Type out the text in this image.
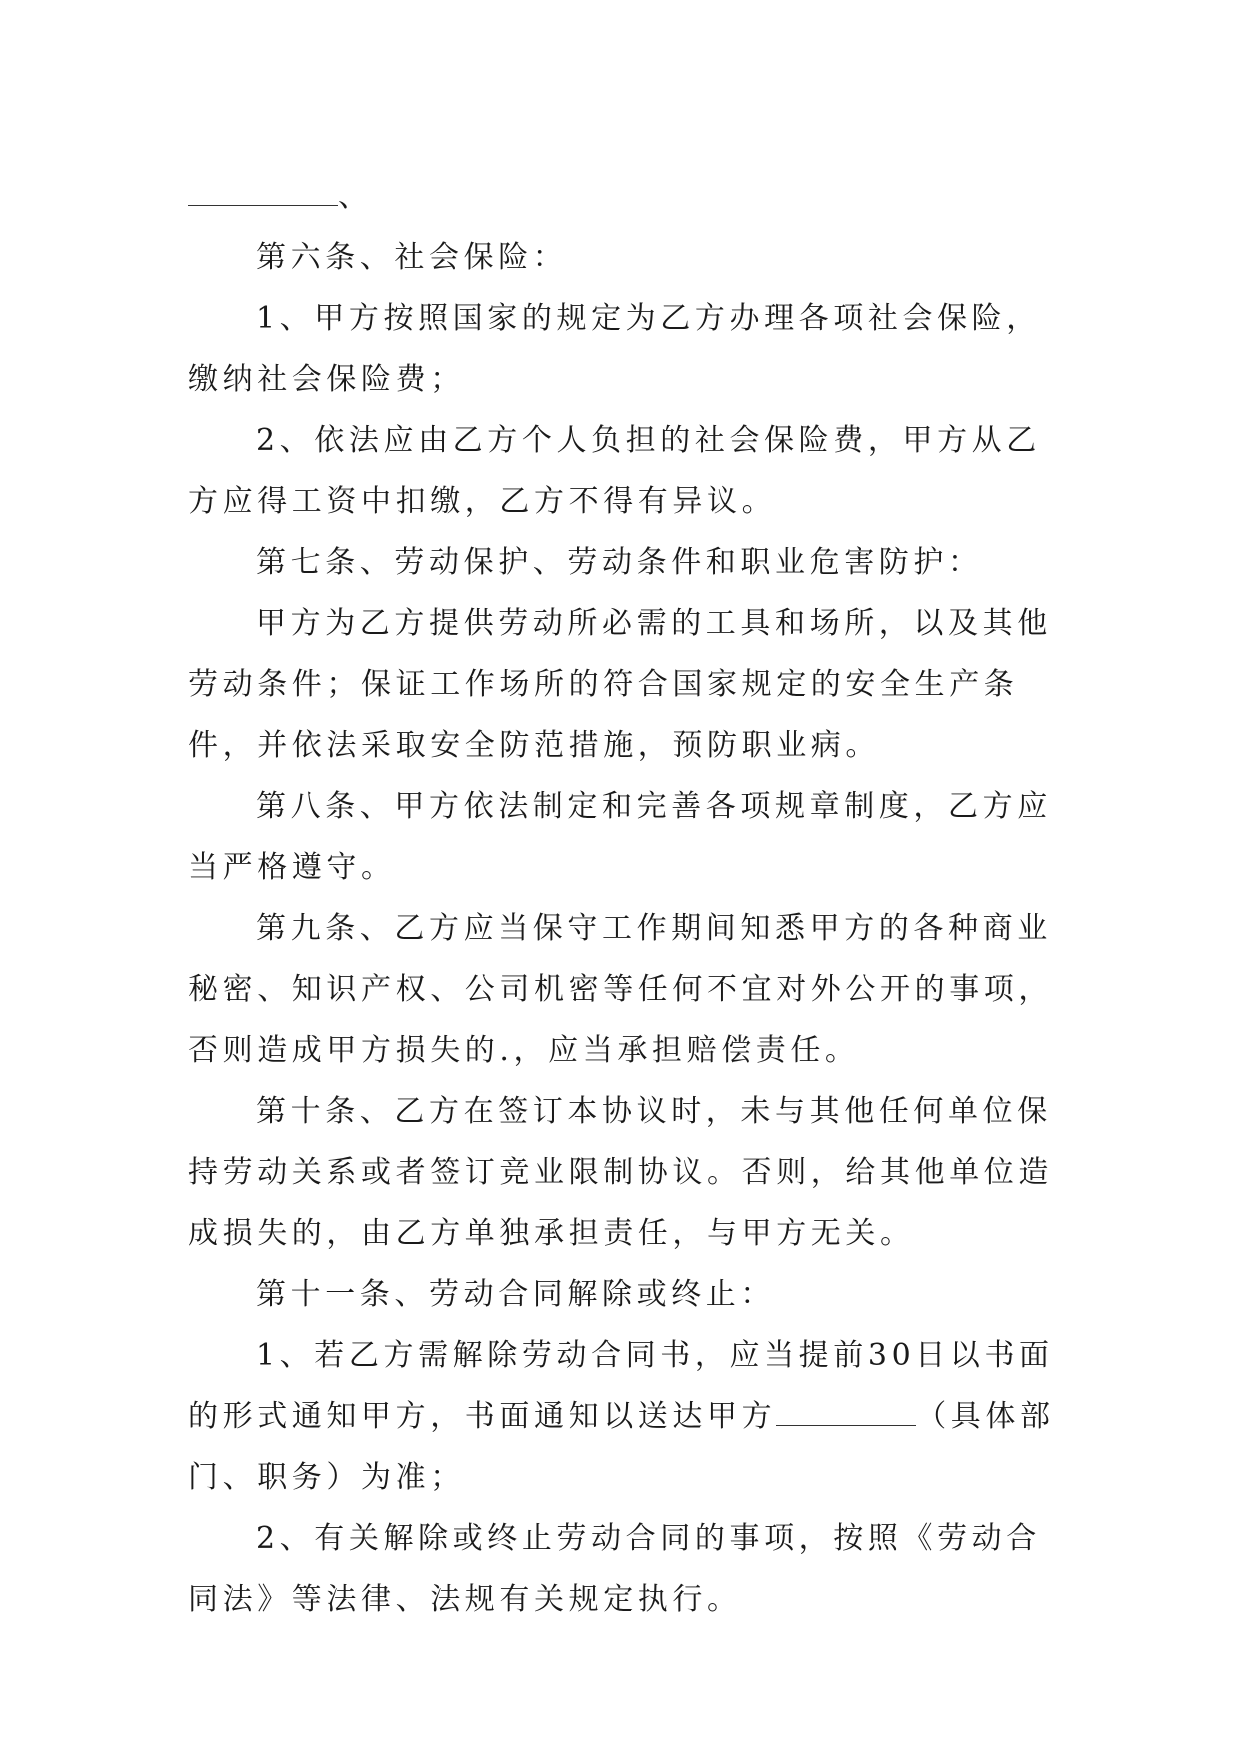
、

第六条、社会保险：

1、甲方按照国家的规定为乙方办理各项社会保险，缴纳社会保险费；

2、依法应由乙方个人负担的社会保险费，甲方从乙方应得工资中扣缴，乙方不得有异议。

第七条、劳动保护、劳动条件和职业危害防护：

甲方为乙方提供劳动所必需的工具和场所，以及其他劳动条件；保证工作场所的符合国家规定的安全生产条件，并依法采取安全防范措施，预防职业病。

第八条、甲方依法制定和完善各项规章制度，乙方应当严格遵守。

第九条、乙方应当保守工作期间知悉甲方的各种商业秘密、知识产权、公司机密等任何不宜对外公开的事项，否则造成甲方损失的.，应当承担赔偿责任。

第十条、乙方在签订本协议时，未与其他任何单位保持劳动关系或者签订竞业限制协议。否则，给其他单位造成损失的，由乙方单独承担责任，与甲方无关。

第十一条、劳动合同解除或终止：

1、若乙方需解除劳动合同书，应当提前30日以书面的形式通知甲方，书面通知以送达甲方	（具体部门、职务）为准；

2、有关解除或终止劳动合同的事项，按照《劳动合同法》等法律、法规有关规定执行。
